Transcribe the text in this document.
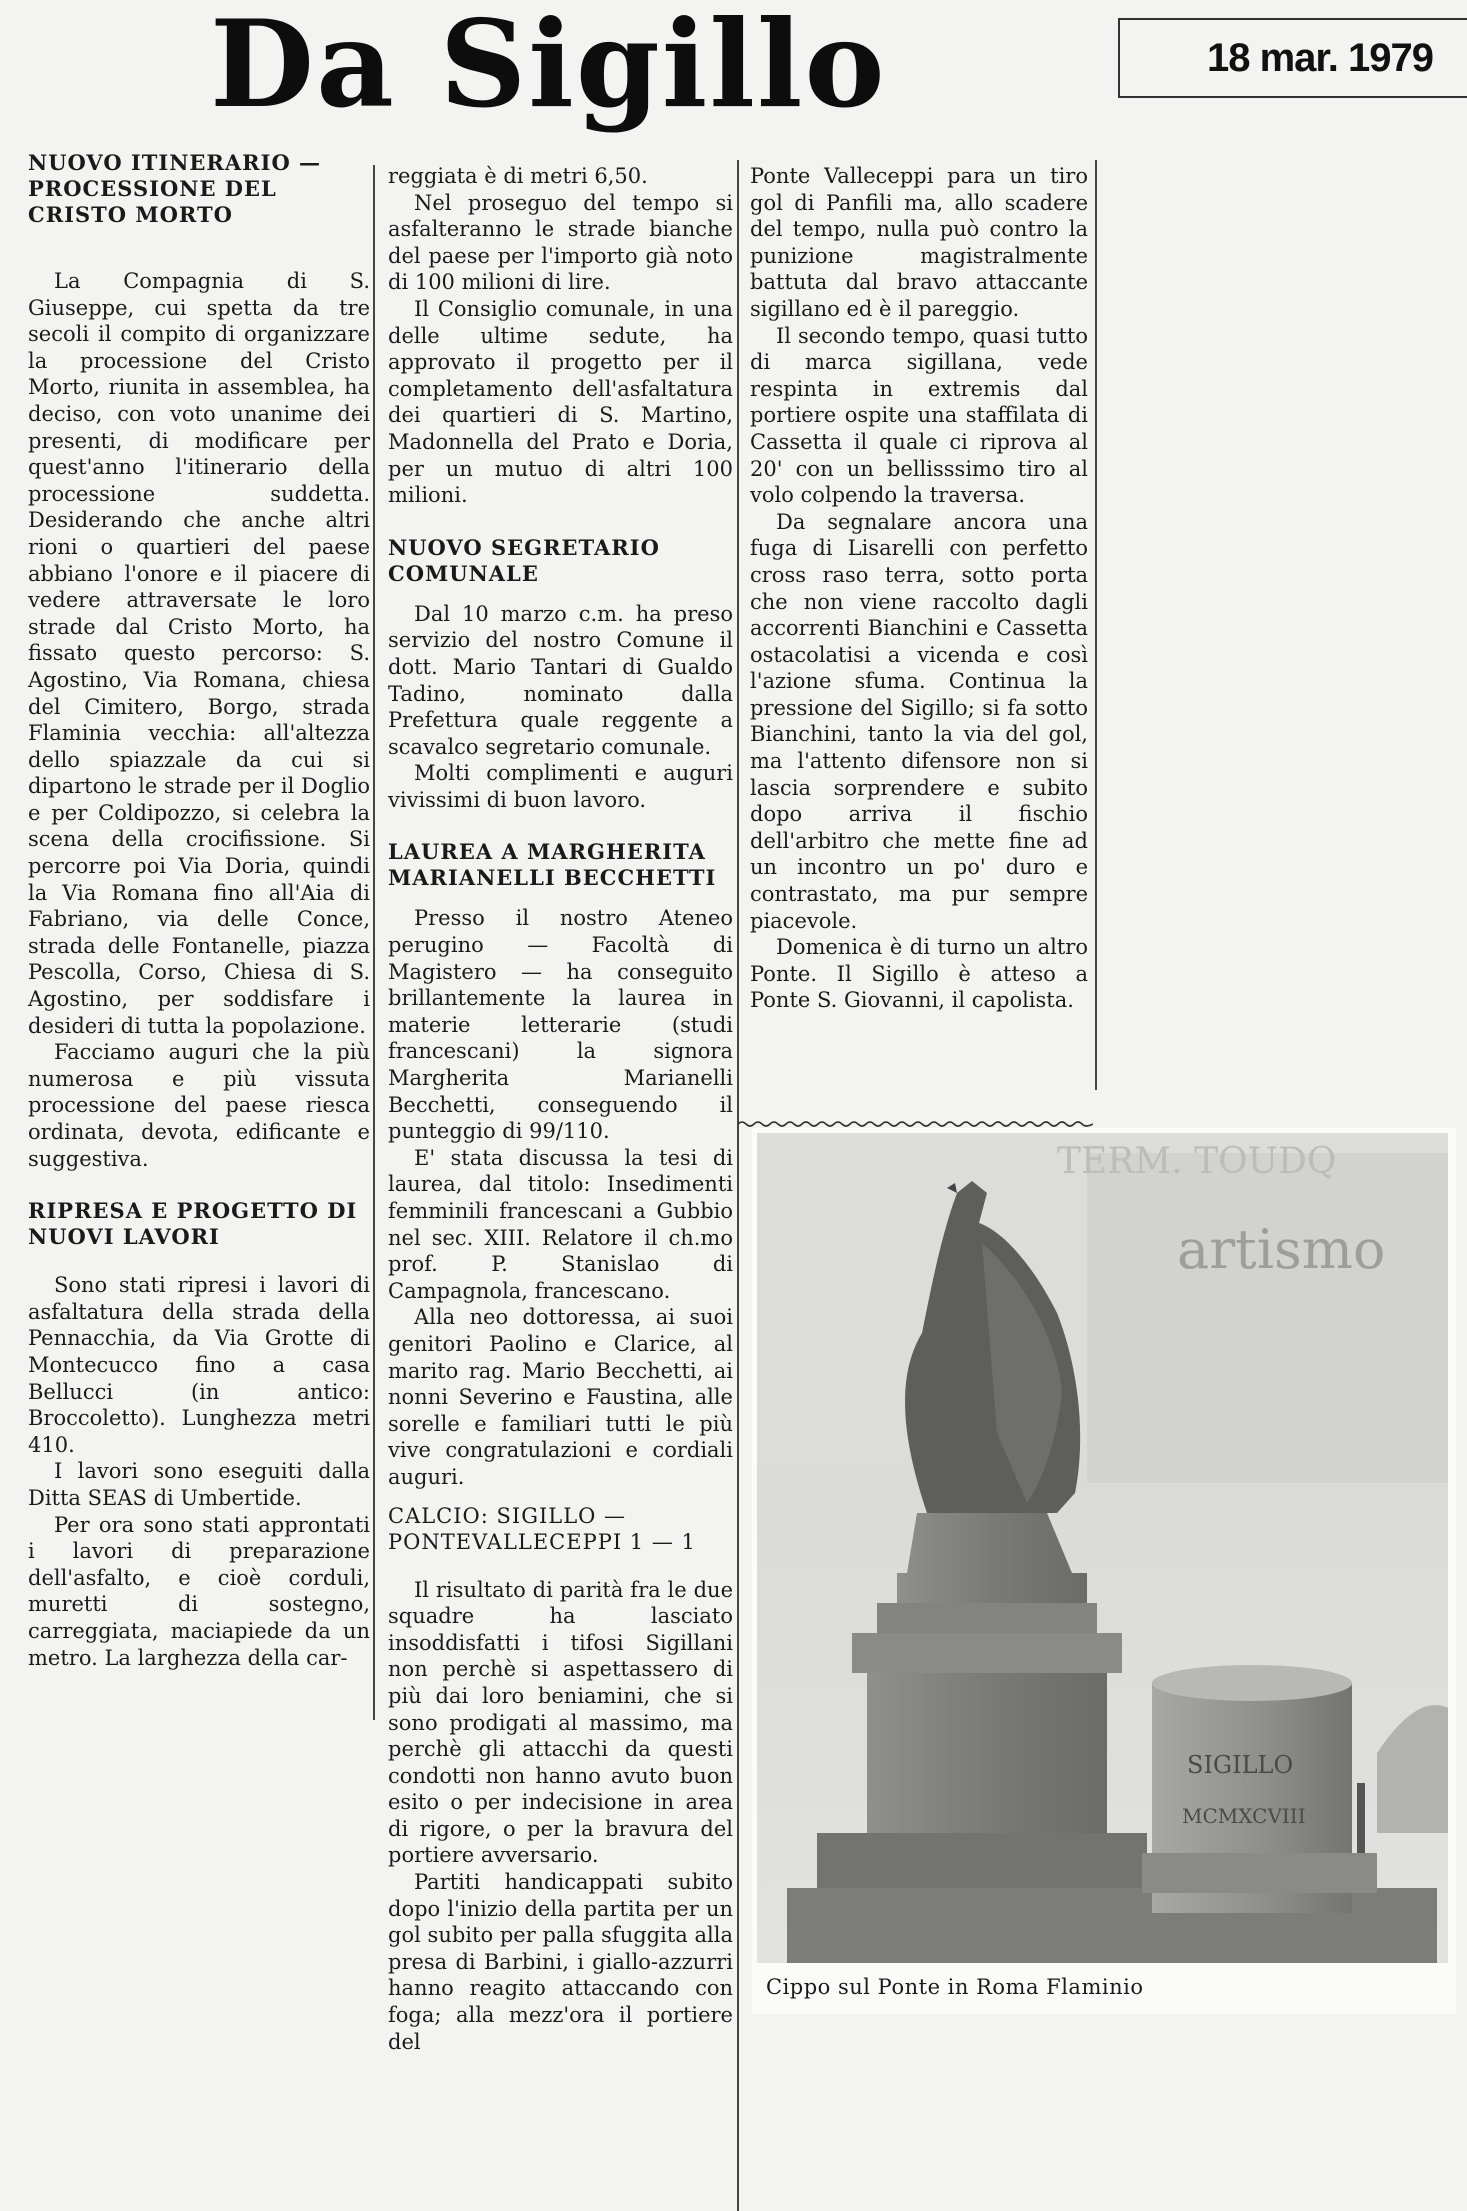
Da Sigillo	18 mar. 1979
NUOVO ITINERARIO — PROCESSIONE DEL CRISTO MORTO

La Compagnia di S. Giuseppe, cui spetta da tre secoli il compito di organizzare la processione del Cristo Morto, riunita in assemblea, ha deciso, con voto unanime dei presenti, di modificare per quest'anno l'itinerario della processione suddetta. Desiderando che anche altri rioni o quartieri del paese abbiano l'onore e il piacere di vedere attraversate le loro strade dal Cristo Morto, ha fissato questo percorso: S. Agostino, Via Romana, chiesa del Cimitero, Borgo, strada Flaminia vecchia: all'altezza dello spiazzale da cui si dipartono le strade per il Doglio e per Coldipozzo, si celebra la scena della crocifissione. Si percorre poi Via Doria, quindi la Via Romana fino all'Aia di Fabriano, via delle Conce, strada delle Fontanelle, piazza Pescolla, Corso, Chiesa di S. Agostino, per soddisfare i desideri di tutta la popolazione.

Facciamo auguri che la più numerosa e più vissuta processione del paese riesca ordinata, devota, edificante e suggestiva.

RIPRESA E PROGETTO DI NUOVI LAVORI

Sono stati ripresi i lavori di asfaltatura della strada della Pennacchia, da Via Grotte di Montecucco fino a casa Bellucci (in antico: Broccoletto). Lunghezza metri 410.

I lavori sono eseguiti dalla Ditta SEAS di Umbertide.

Per ora sono stati approntati i lavori di preparazione dell'asfalto, e cioè corduli, muretti di sostegno, carreggiata, maciapiede da un metro. La larghezza della car-

reggiata è di metri 6,50.

Nel proseguo del tempo si asfalteranno le strade bianche del paese per l'importo già noto di 100 milioni di lire.

Il Consiglio comunale, in una delle ultime sedute, ha approvato il progetto per il completamento dell'asfaltatura dei quartieri di S. Martino, Madonnella del Prato e Doria, per un mutuo di altri 100 milioni.

NUOVO SEGRETARIO COMUNALE

Dal 10 marzo c.m. ha preso servizio del nostro Comune il dott. Mario Tantari di Gualdo Tadino, nominato dalla Prefettura quale reggente a scavalco segretario comunale.

Molti complimenti e auguri vivissimi di buon lavoro.

LAUREA A MARGHERITA MARIANELLI BECCHETTI

Presso il nostro Ateneo perugino — Facoltà di Magistero — ha conseguito brillantemente la laurea in materie letterarie (studi francescani) la signora Margherita Marianelli Becchetti, conseguendo il punteggio di 99/110.

E' stata discussa la tesi di laurea, dal titolo: Insedimenti femminili francescani a Gubbio nel sec. XIII. Relatore il ch.mo prof. P. Stanislao di Campagnola, francescano.

Alla neo dottoressa, ai suoi genitori Paolino e Clarice, al marito rag. Mario Becchetti, ai nonni Severino e Faustina, alle sorelle e familiari tutti le più vive congratulazioni e cordiali auguri.

CALCIO: SIGILLO — PONTEVALLECEPPI 1 — 1

Il risultato di parità fra le due squadre ha lasciato insoddisfatti i tifosi Sigillani non perchè si aspettassero di più dai loro beniamini, che si sono prodigati al massimo, ma perchè gli attacchi da questi condotti non hanno avuto buon esito o per indecisione in area di rigore, o per la bravura del portiere avversario.

Partiti handicappati subito dopo l'inizio della partita per un gol subito per palla sfuggita alla presa di Barbini, i giallo-azzurri hanno reagito attaccando con foga; alla mezz'ora il portiere del

Ponte Valleceppi para un tiro gol di Panfili ma, allo scadere del tempo, nulla può contro la punizione magistralmente battuta dal bravo attaccante sigillano ed è il pareggio.

Il secondo tempo, quasi tutto di marca sigillana, vede respinta in extremis dal portiere ospite una staffilata di Cassetta il quale ci riprova al 20' con un bellisssimo tiro al volo colpendo la traversa.

Da segnalare ancora una fuga di Lisarelli con perfetto cross raso terra, sotto porta che non viene raccolto dagli accorrenti Bianchini e Cassetta ostacolatisi a vicenda e così l'azione sfuma. Continua la pressione del Sigillo; si fa sotto Bianchini, tanto la via del gol, ma l'attento difensore non si lascia sorprendere e subito dopo arriva il fischio dell'arbitro che mette fine ad un incontro un po' duro e contrastato, ma pur sempre piacevole.

Domenica è di turno un altro Ponte. Il Sigillo è atteso a Ponte S. Giovanni, il capolista.

artismo
TERM. TOUDQ
SIGILLO
MCMXCVIII
Cippo sul Ponte in Roma Flaminio
